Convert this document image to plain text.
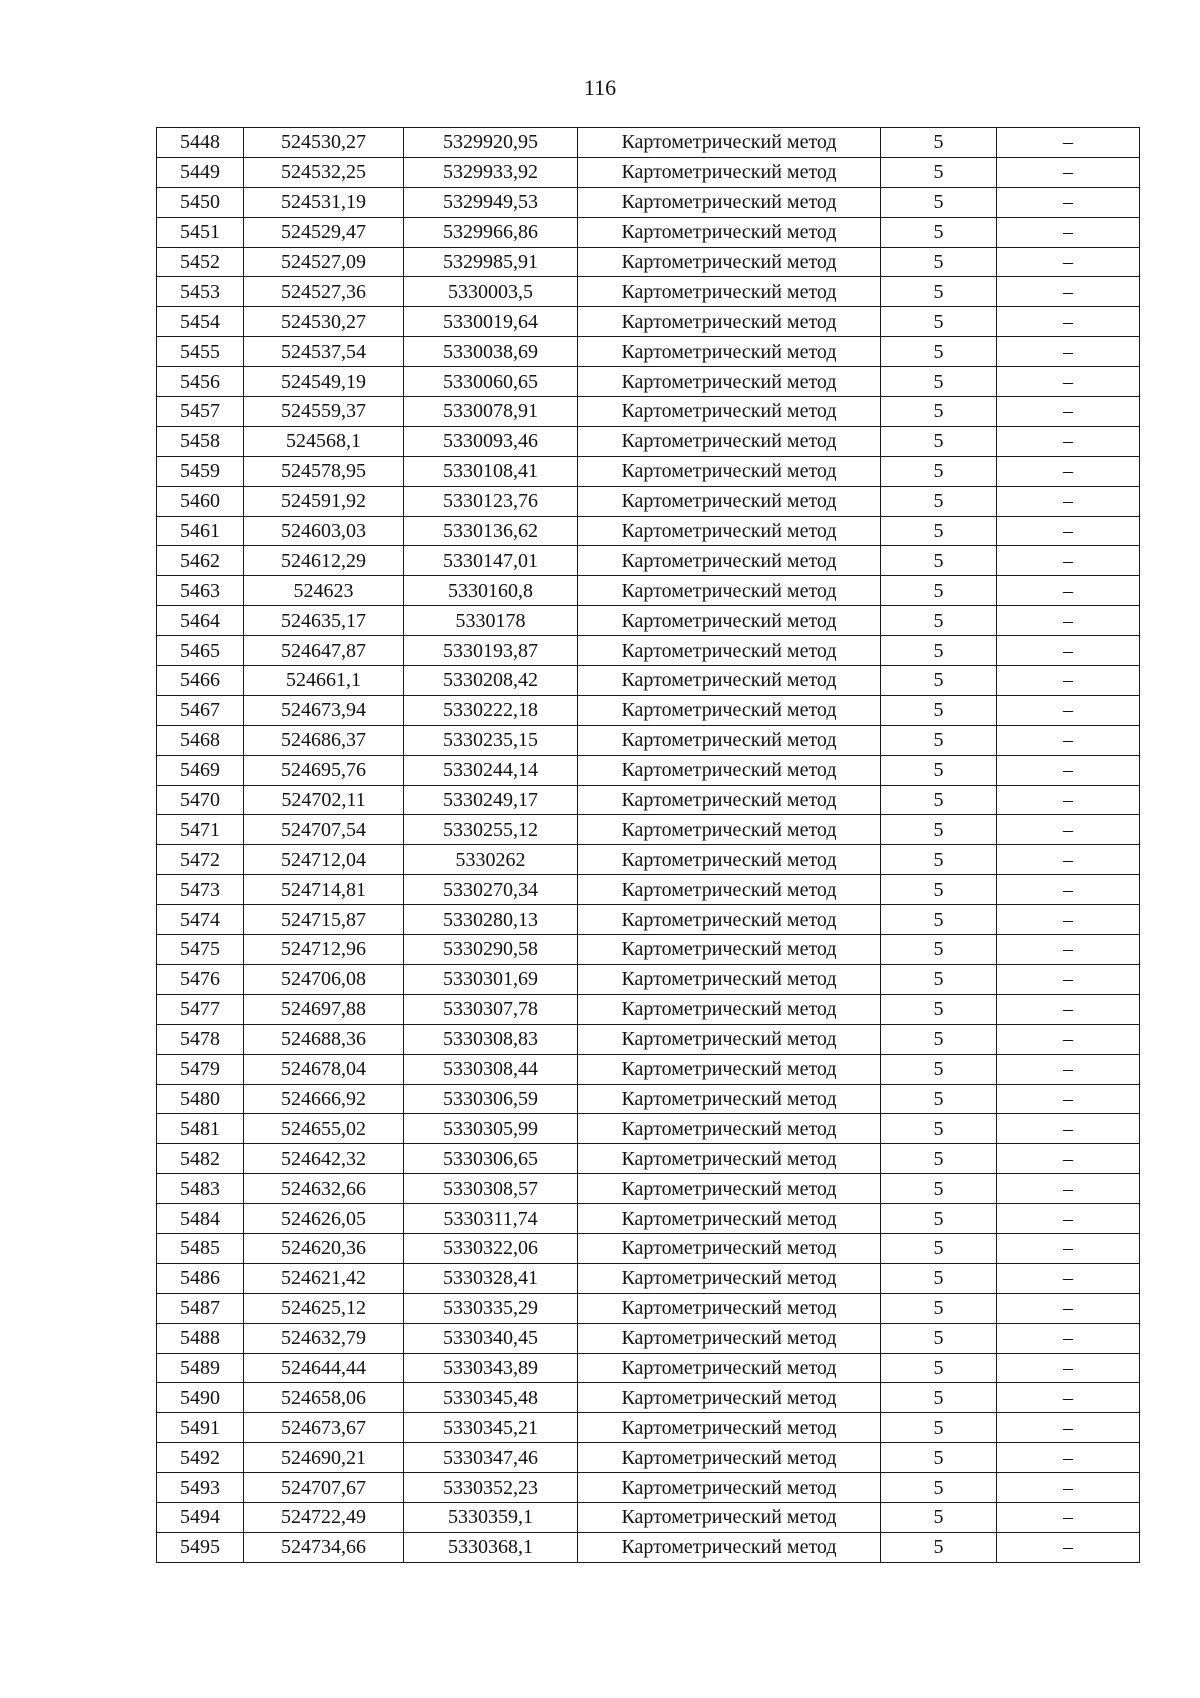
116
5448	524530,27	5329920,95	Картометрический метод	5	–
5449	524532,25	5329933,92	Картометрический метод	5	–
5450	524531,19	5329949,53	Картометрический метод	5	–
5451	524529,47	5329966,86	Картометрический метод	5	–
5452	524527,09	5329985,91	Картометрический метод	5	–
5453	524527,36	5330003,5	Картометрический метод	5	–
5454	524530,27	5330019,64	Картометрический метод	5	–
5455	524537,54	5330038,69	Картометрический метод	5	–
5456	524549,19	5330060,65	Картометрический метод	5	–
5457	524559,37	5330078,91	Картометрический метод	5	–
5458	524568,1	5330093,46	Картометрический метод	5	–
5459	524578,95	5330108,41	Картометрический метод	5	–
5460	524591,92	5330123,76	Картометрический метод	5	–
5461	524603,03	5330136,62	Картометрический метод	5	–
5462	524612,29	5330147,01	Картометрический метод	5	–
5463	524623	5330160,8	Картометрический метод	5	–
5464	524635,17	5330178	Картометрический метод	5	–
5465	524647,87	5330193,87	Картометрический метод	5	–
5466	524661,1	5330208,42	Картометрический метод	5	–
5467	524673,94	5330222,18	Картометрический метод	5	–
5468	524686,37	5330235,15	Картометрический метод	5	–
5469	524695,76	5330244,14	Картометрический метод	5	–
5470	524702,11	5330249,17	Картометрический метод	5	–
5471	524707,54	5330255,12	Картометрический метод	5	–
5472	524712,04	5330262	Картометрический метод	5	–
5473	524714,81	5330270,34	Картометрический метод	5	–
5474	524715,87	5330280,13	Картометрический метод	5	–
5475	524712,96	5330290,58	Картометрический метод	5	–
5476	524706,08	5330301,69	Картометрический метод	5	–
5477	524697,88	5330307,78	Картометрический метод	5	–
5478	524688,36	5330308,83	Картометрический метод	5	–
5479	524678,04	5330308,44	Картометрический метод	5	–
5480	524666,92	5330306,59	Картометрический метод	5	–
5481	524655,02	5330305,99	Картометрический метод	5	–
5482	524642,32	5330306,65	Картометрический метод	5	–
5483	524632,66	5330308,57	Картометрический метод	5	–
5484	524626,05	5330311,74	Картометрический метод	5	–
5485	524620,36	5330322,06	Картометрический метод	5	–
5486	524621,42	5330328,41	Картометрический метод	5	–
5487	524625,12	5330335,29	Картометрический метод	5	–
5488	524632,79	5330340,45	Картометрический метод	5	–
5489	524644,44	5330343,89	Картометрический метод	5	–
5490	524658,06	5330345,48	Картометрический метод	5	–
5491	524673,67	5330345,21	Картометрический метод	5	–
5492	524690,21	5330347,46	Картометрический метод	5	–
5493	524707,67	5330352,23	Картометрический метод	5	–
5494	524722,49	5330359,1	Картометрический метод	5	–
5495	524734,66	5330368,1	Картометрический метод	5	–
